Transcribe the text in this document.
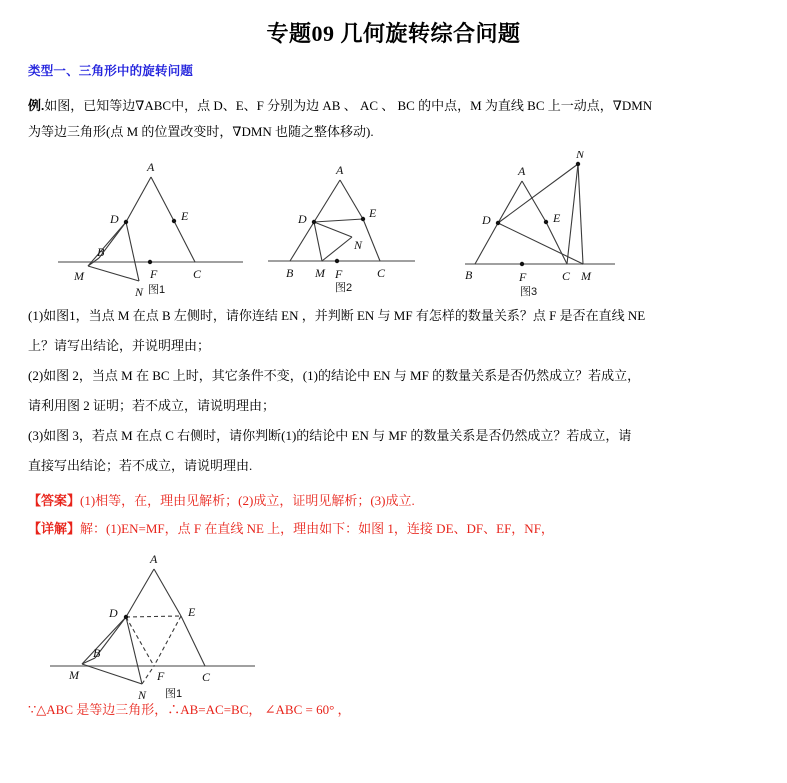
专题09 几何旋转综合问题
类型一、三角形中的旋转问题
例.如图，已知等边∇ABC中，点 D、E、F 分别为边 AB 、 AC 、 BC 的中点，M 为直线 BC 上一动点，∇DMN
为等边三角形(点 M 的位置改变时，∇DMN 也随之整体移动).
A
D	E
B
M	F	C
N 图1
A
D	E
B M F	C
N
图2
N
A
D	E
B	F	C M
图3
(1)如图1，当点 M 在点 B 左侧时，请你连结 EN ，并判断 EN 与 MF 有怎样的数量关系？点 F 是否在直线 NE
上？请写出结论，并说明理由；
(2)如图 2，当点 M 在 BC 上时，其它条件不变，(1)的结论中 EN 与 MF 的数量关系是否仍然成立？若成立，
请利用图 2 证明；若不成立，请说明理由；
(3)如图 3，若点 M 在点 C 右侧时，请你判断(1)的结论中 EN 与 MF 的数量关系是否仍然成立？若成立，请
直接写出结论；若不成立，请说明理由.
【答案】(1)相等，在，理由见解析；(2)成立，证明见解析；(3)成立.
【详解】解：(1)EN=MF，点 F 在直线 NE 上，理由如下：如图 1，连接 DE、DF、EF，NF，
A
D	E
B
M	F	C
N 图1
∵△ABC 是等边三角形，∴AB=AC=BC， ∠ABC = 60° ，
